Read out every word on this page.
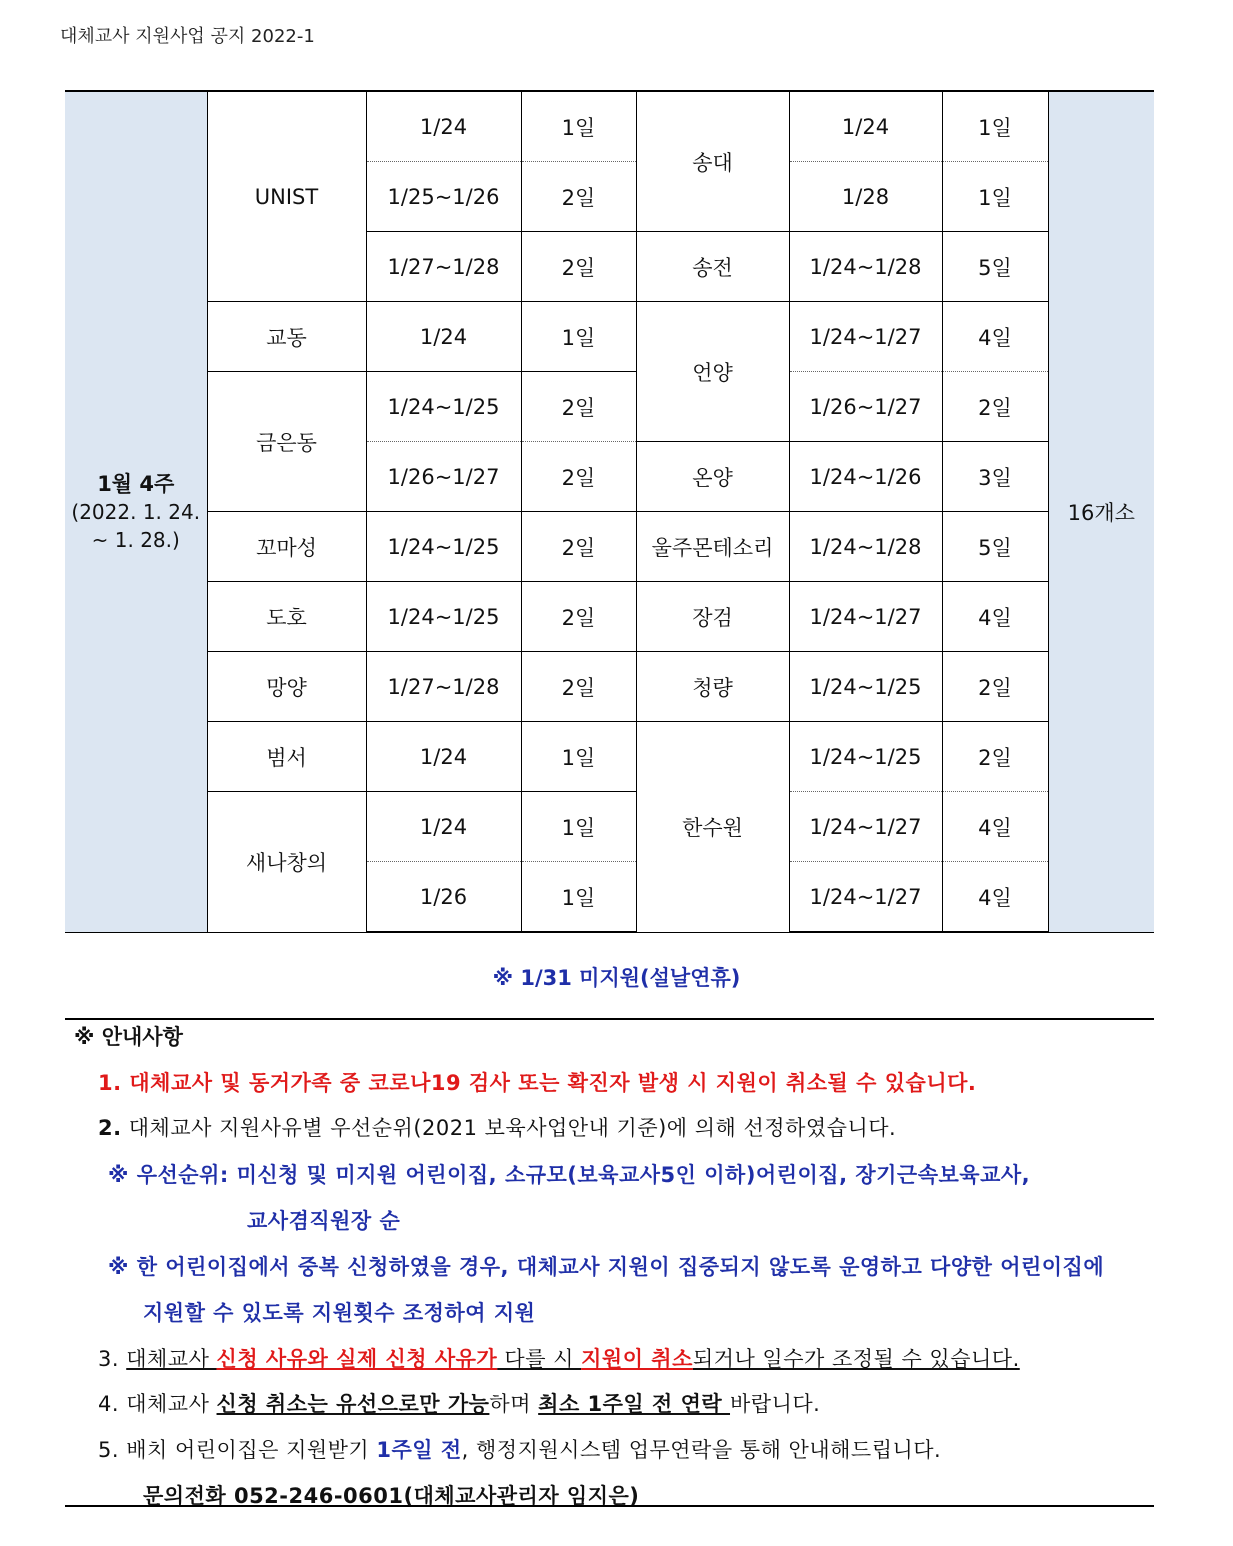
대체교사 지원사업 공지 2022-1
1월 4주
(2022. 1. 24.
~ 1. 28.)	UNIST	1/24	1일	송대	1/24	1일	16개소
		1/25~1/26	2일		1/28	1일	
		1/27~1/28	2일	송전	1/24~1/28	5일	
	교동	1/24	1일	언양	1/24~1/27	4일	
	금은동	1/24~1/25	2일		1/26~1/27	2일	
		1/26~1/27	2일	온양	1/24~1/26	3일	
	꼬마성	1/24~1/25	2일	울주몬테소리	1/24~1/28	5일	
	도호	1/24~1/25	2일	장검	1/24~1/27	4일	
	망양	1/27~1/28	2일	청량	1/24~1/25	2일	
	범서	1/24	1일	한수원	1/24~1/25	2일	
	새나창의	1/24	1일		1/24~1/27	4일	
		1/26	1일		1/24~1/27	4일	
※ 1/31 미지원(설날연휴)
※ 안내사항
1. 대체교사 및 동거가족 중 코로나19 검사 또는 확진자 발생 시 지원이 취소될 수 있습니다.
2. 대체교사 지원사유별 우선순위(2021 보육사업안내 기준)에 의해 선정하였습니다.
※ 우선순위: 미신청 및 미지원 어린이집, 소규모(보육교사5인 이하)어린이집, 장기근속보육교사,
교사겸직원장 순
※ 한 어린이집에서 중복 신청하였을 경우, 대체교사 지원이 집중되지 않도록 운영하고 다양한 어린이집에
지원할 수 있도록 지원횟수 조정하여 지원
3. 대체교사 신청 사유와 실제 신청 사유가 다를 시 지원이 취소되거나 일수가 조정될 수 있습니다.
4. 대체교사 신청 취소는 유선으로만 가능하며 최소 1주일 전 연락 바랍니다.
5. 배치 어린이집은 지원받기 1주일 전, 행정지원시스템 업무연락을 통해 안내해드립니다.
문의전화 052-246-0601(대체교사관리자 임지은)
